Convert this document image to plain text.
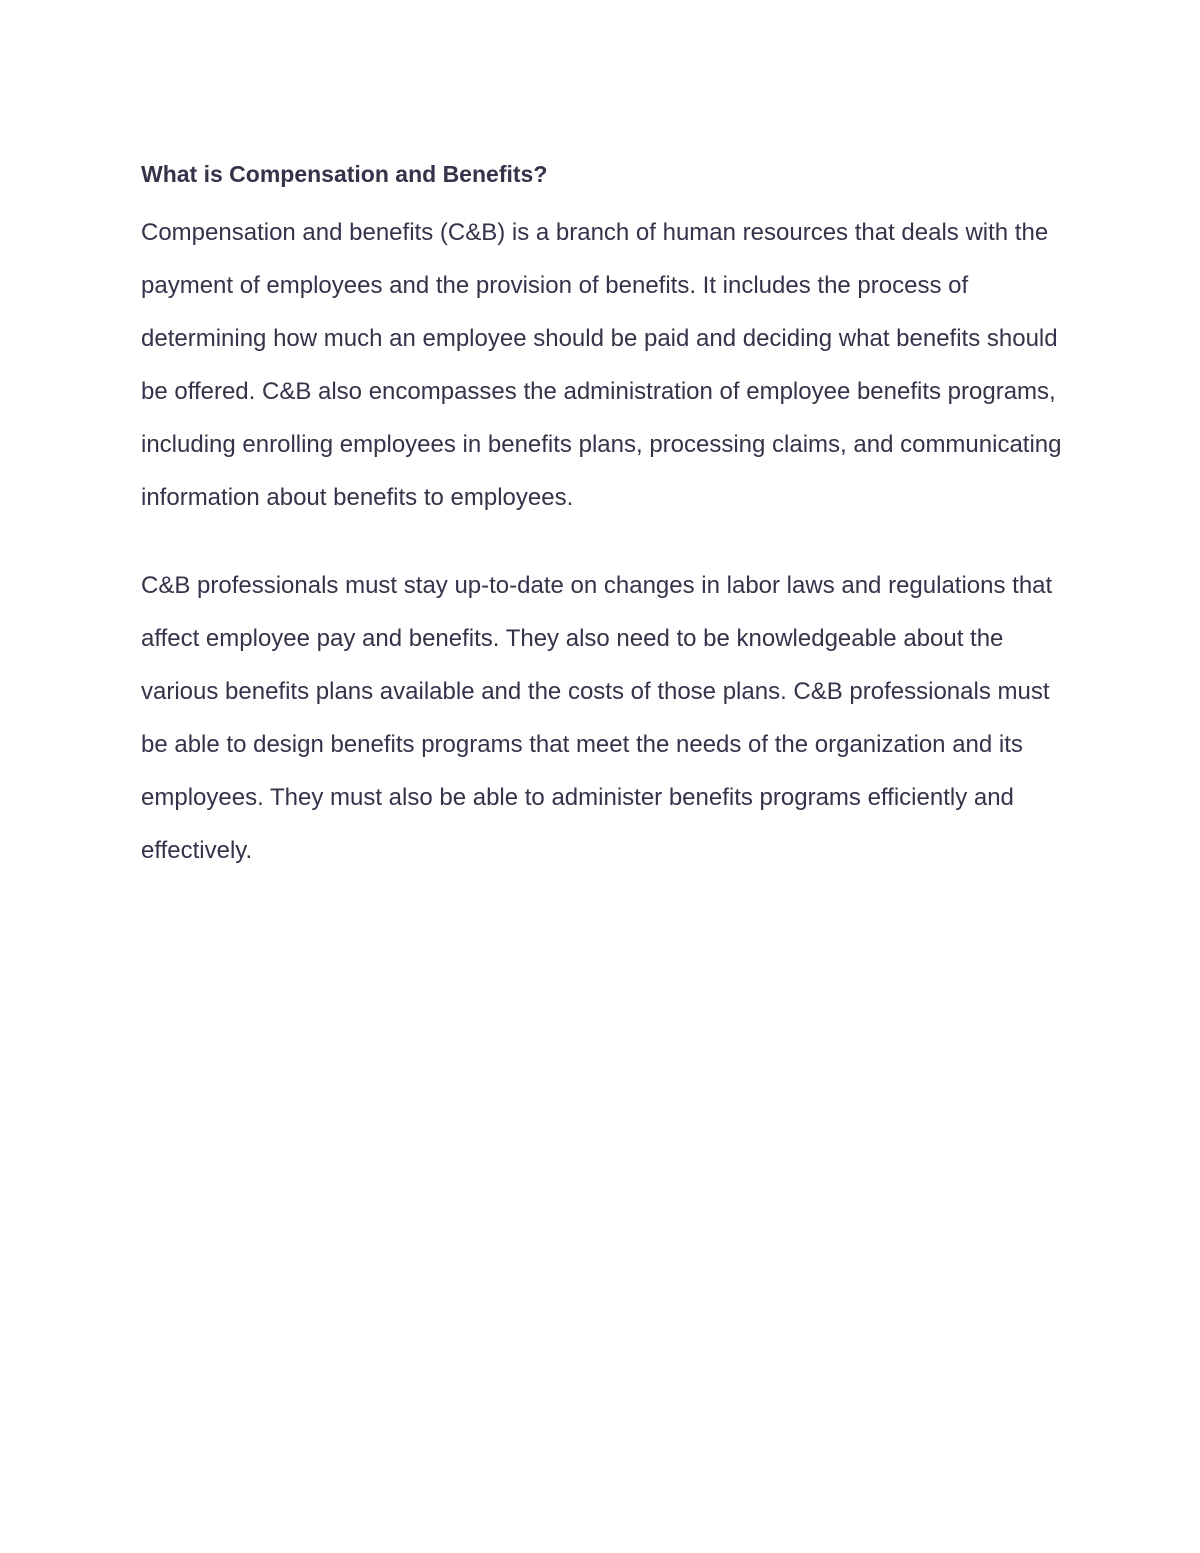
What is Compensation and Benefits?

Compensation and benefits (C&B) is a branch of human resources that deals with the payment of employees and the provision of benefits. It includes the process of determining how much an employee should be paid and deciding what benefits should be offered. C&B also encompasses the administration of employee benefits programs, including enrolling employees in benefits plans, processing claims, and communicating information about benefits to employees.

C&B professionals must stay up-to-date on changes in labor laws and regulations that affect employee pay and benefits. They also need to be knowledgeable about the various benefits plans available and the costs of those plans. C&B professionals must be able to design benefits programs that meet the needs of the organization and its employees. They must also be able to administer benefits programs efficiently and effectively.
